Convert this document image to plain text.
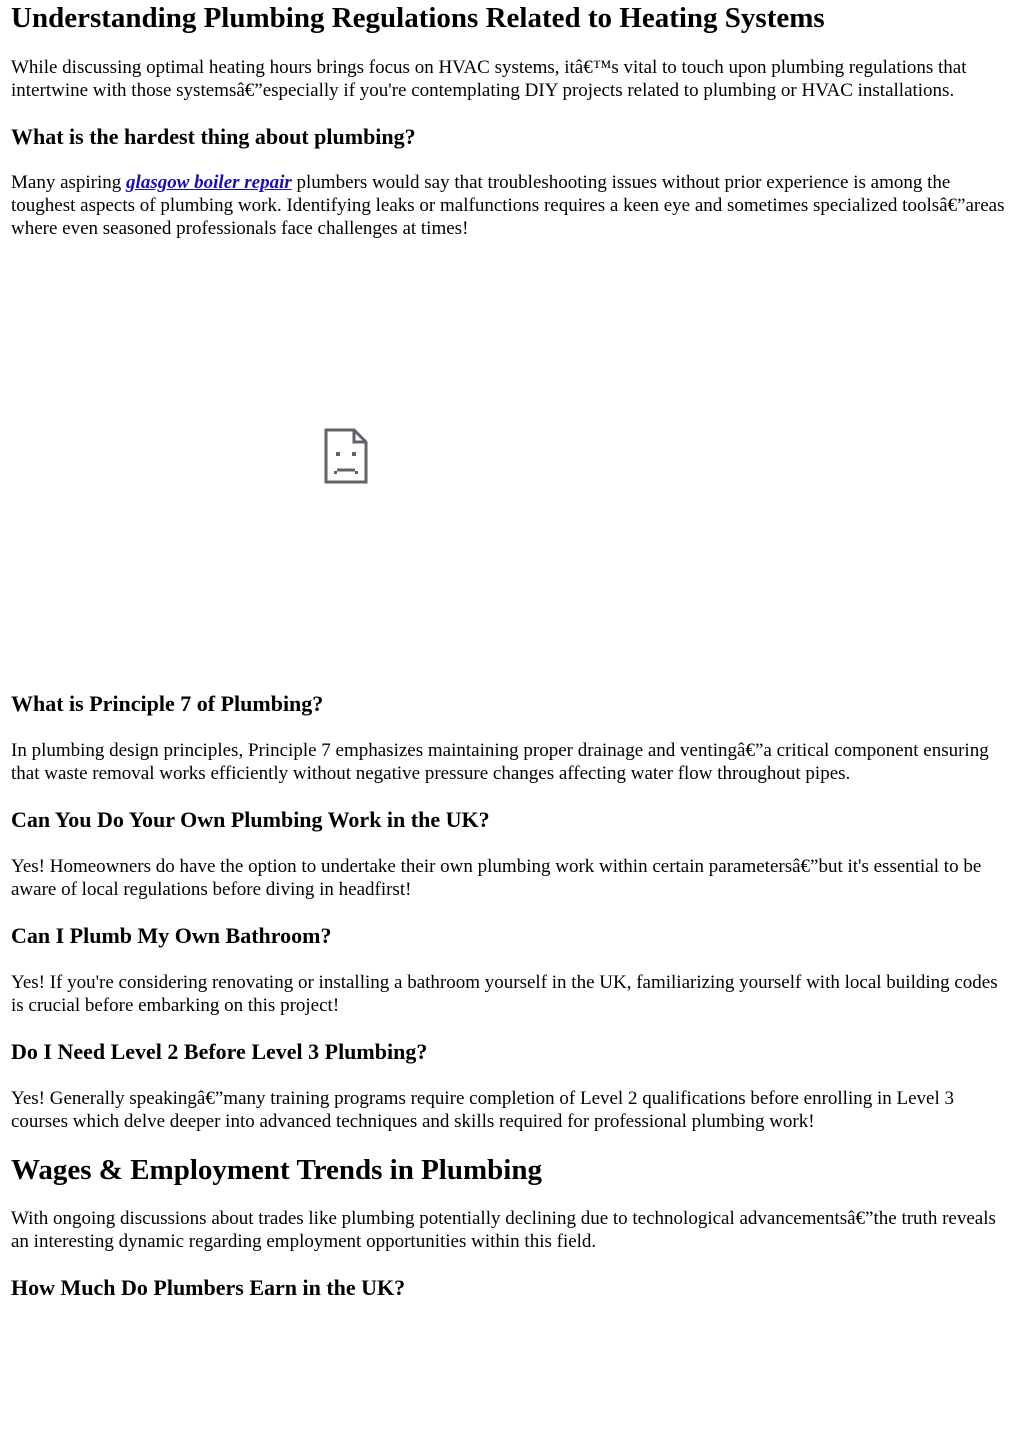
Understanding Plumbing Regulations Related to Heating Systems

While discussing optimal heating hours brings focus on HVAC systems, itâ€™s vital to touch upon plumbing regulations that intertwine with those systemsâ€”especially if you're contemplating DIY projects related to plumbing or HVAC installations.

What is the hardest thing about plumbing?

Many aspiring glasgow boiler repair plumbers would say that troubleshooting issues without prior experience is among the toughest aspects of plumbing work. Identifying leaks or malfunctions requires a keen eye and sometimes specialized toolsâ€”areas where even seasoned professionals face challenges at times!

What is Principle 7 of Plumbing?

In plumbing design principles, Principle 7 emphasizes maintaining proper drainage and ventingâ€”a critical component ensuring that waste removal works efficiently without negative pressure changes affecting water flow throughout pipes.

Can You Do Your Own Plumbing Work in the UK?

Yes! Homeowners do have the option to undertake their own plumbing work within certain parametersâ€”but it's essential to be aware of local regulations before diving in headfirst!

Can I Plumb My Own Bathroom?

Yes! If you're considering renovating or installing a bathroom yourself in the UK, familiarizing yourself with local building codes is crucial before embarking on this project!

Do I Need Level 2 Before Level 3 Plumbing?

Yes! Generally speakingâ€”many training programs require completion of Level 2 qualifications before enrolling in Level 3 courses which delve deeper into advanced techniques and skills required for professional plumbing work!

Wages & Employment Trends in Plumbing

With ongoing discussions about trades like plumbing potentially declining due to technological advancementsâ€”the truth reveals an interesting dynamic regarding employment opportunities within this field.

How Much Do Plumbers Earn in the UK?
